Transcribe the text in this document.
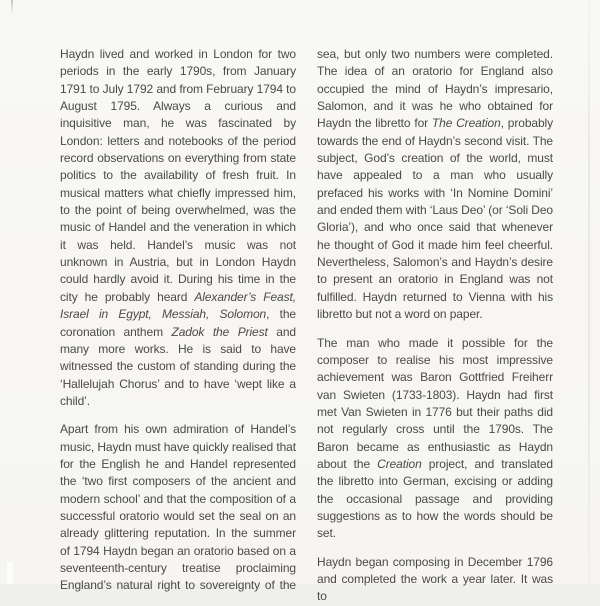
Haydn lived and worked in London for two periods in the early 1790s, from January 1791 to July 1792 and from February 1794 to August 1795. Always a curious and inquisitive man, he was fascinated by London: letters and notebooks of the period record observations on everything from state politics to the availability of fresh fruit. In musical matters what chiefly impressed him, to the point of being overwhelmed, was the music of Handel and the veneration in which it was held. Handel’s music was not unknown in Austria, but in London Haydn could hardly avoid it. During his time in the city he probably heard Alexander’s Feast, Israel in Egypt, Messiah, Solomon, the coronation anthem Zadok the Priest and many more works. He is said to have witnessed the custom of standing during the ‘Hallelujah Chorus’ and to have ‘wept like a child’.

Apart from his own admiration of Handel’s music, Haydn must have quickly realised that for the English he and Handel represented the ‘two first composers of the ancient and modern school’ and that the composition of a successful oratorio would set the seal on an already glittering reputation. In the summer of 1794 Haydn began an oratorio based on a seventeenth-century treatise proclaiming England’s natural right to sovereignty of the

sea, but only two numbers were completed. The idea of an oratorio for England also occupied the mind of Haydn’s impresario, Salomon, and it was he who obtained for Haydn the libretto for The Creation, probably towards the end of Haydn’s second visit. The subject, God’s creation of the world, must have appealed to a man who usually prefaced his works with ‘In Nomine Domini’ and ended them with ‘Laus Deo’ (or ‘Soli Deo Gloria’), and who once said that whenever he thought of God it made him feel cheerful. Nevertheless, Salomon’s and Haydn’s desire to present an oratorio in England was not fulfilled. Haydn returned to Vienna with his libretto but not a word on paper.

The man who made it possible for the composer to realise his most impressive achievement was Baron Gottfried Freiherr van Swieten (1733-1803). Haydn had first met Van Swieten in 1776 but their paths did not regularly cross until the 1790s. The Baron became as enthusiastic as Haydn about the Creation project, and translated the libretto into German, excising or adding the occasional passage and providing suggestions as to how the words should be set.

Haydn began composing in December 1796 and completed the work a year later. It was to
